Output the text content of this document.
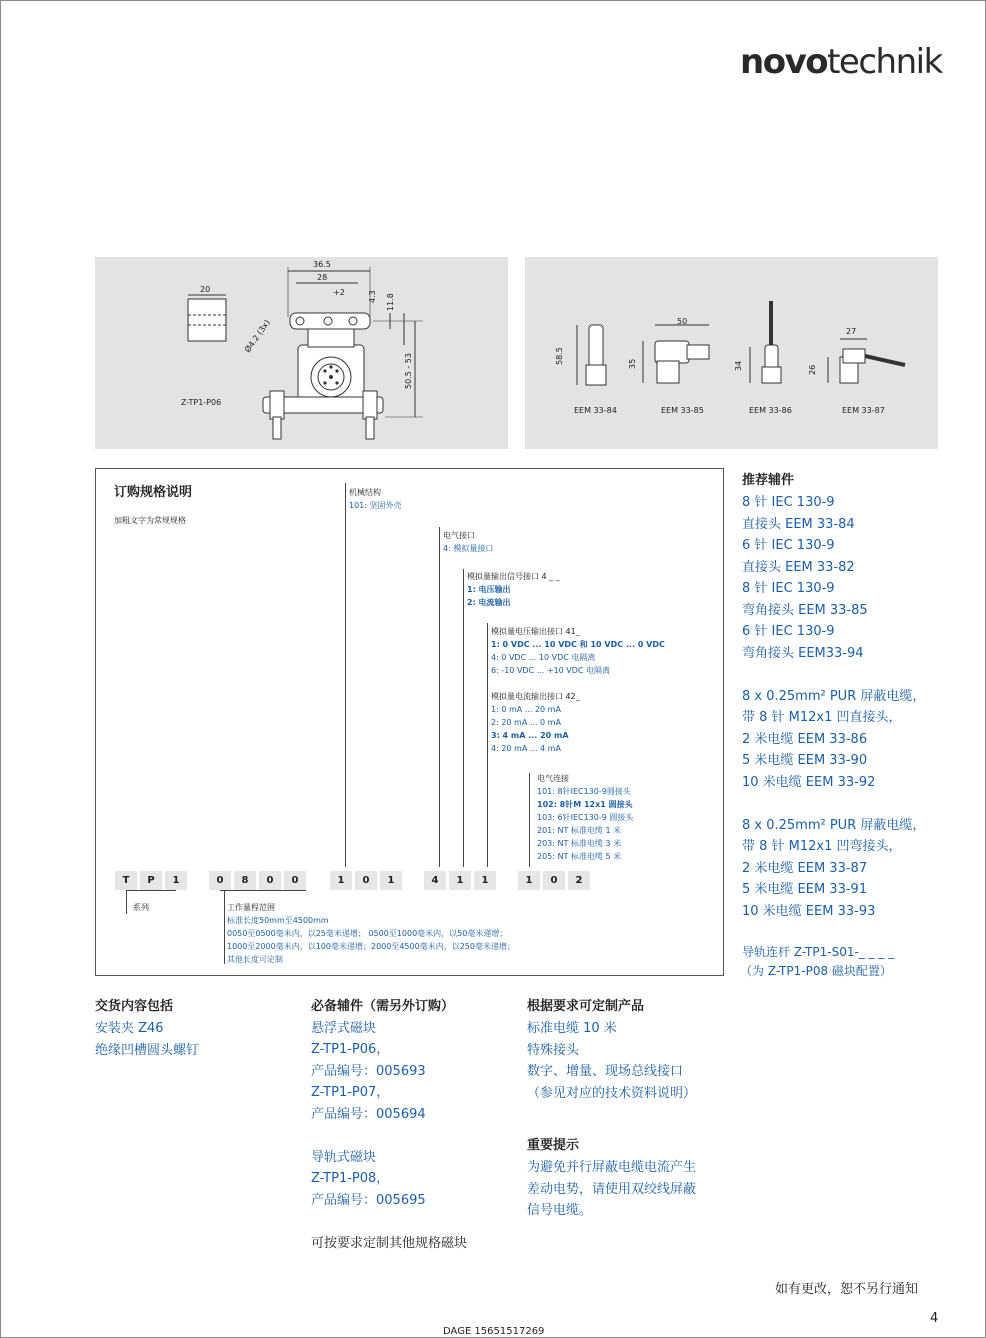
novotechnik
20
36.5
28
+2	4.3 11.8
50.5 - 53
Ø4.2 (3x)
Z-TP1-P06
58.5	35
50
34	26
27
EEM 33-84	EEM 33-85	EEM 33-86	EEM 33-87
订购规格说明
加粗文字为常规规格
机械结构
101: 坚固外壳
电气接口
4: 模拟量接口
模拟量输出信号接口 4 _ _
1: 电压输出
2: 电流输出
模拟量电压输出接口 41_
1: 0 VDC ... 10 VDC 和 10 VDC ... 0 VDC
4: 0 VDC ... 10 VDC 电隔离
6: -10 VDC ... +10 VDC 电隔离
模拟量电流输出接口 42_
1: 0 mA ... 20 mA
2: 20 mA ... 0 mA
3: 4 mA ... 20 mA
4: 20 mA ... 4 mA
电气连接
101: 8针IEC130-9圆接头
102: 8针M 12x1 圆接头
103: 6针IEC130-9 圆接头
201: NT 标准电缆 1 米
203: NT 标准电缆 3 米
205: NT 标准电缆 5 米
T	P	1	0	8	0	0	1	0	1	4	1	1	1	0	2
系列	工作量程范围
标准长度50mm至4500mm
0050至0500毫米内，以25毫米递增； 0500至1000毫米内，以50毫米递增；
1000至2000毫米内，以100毫米递增；2000至4500毫米内，以250毫米递增；
其他长度可定制
推荐辅件
8 针 IEC 130-9
直接头 EEM 33-84
6 针 IEC 130-9
直接头 EEM 33-82
8 针 IEC 130-9
弯角接头 EEM 33-85
6 针 IEC 130-9
弯角接头 EEM33-94
8 x 0.25mm² PUR 屏蔽电缆，
带 8 针 M12x1 凹直接头，
2 米电缆 EEM 33-86
5 米电缆 EEM 33-90
10 米电缆 EEM 33-92
8 x 0.25mm² PUR 屏蔽电缆，
带 8 针 M12x1 凹弯接头，
2 米电缆 EEM 33-87
5 米电缆 EEM 33-91
10 米电缆 EEM 33-93
导轨连杆 Z-TP1-S01-_ _ _ _
（为 Z-TP1-P08 磁块配置）
交货内容包括
安装夹 Z46
绝缘凹槽圆头螺钉
必备辅件（需另外订购）
悬浮式磁块
Z-TP1-P06，
产品编号：005693
Z-TP1-P07，
产品编号：005694
导轨式磁块
Z-TP1-P08，
产品编号：005695
可按要求定制其他规格磁块
根据要求可定制产品
标准电缆 10 米
特殊接头
数字、增量、现场总线接口
（参见对应的技术资料说明）
重要提示
为避免并行屏蔽电缆电流产生
差动电势，请使用双绞线屏蔽
信号电缆。
如有更改，恕不另行通知
4
DAGE 15651517269
